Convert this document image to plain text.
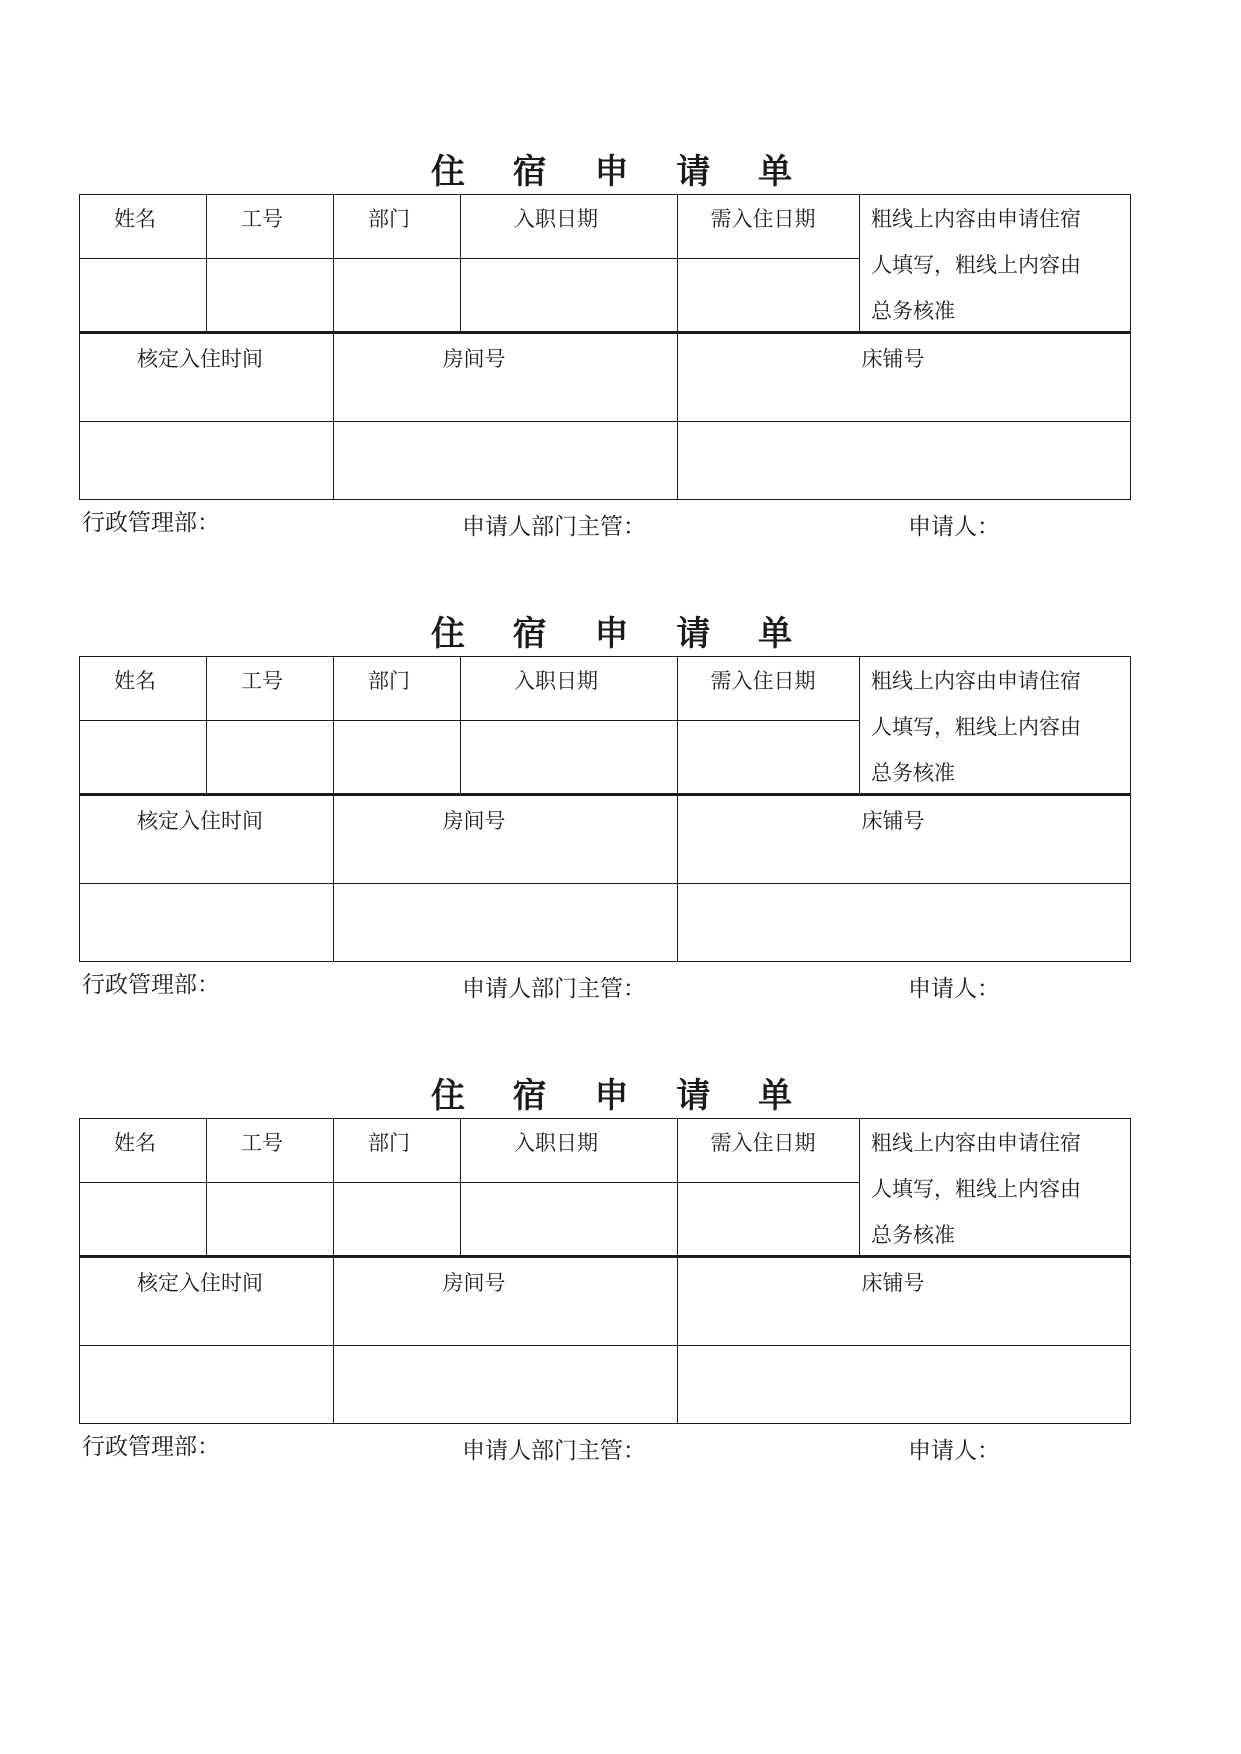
住 宿 申 请 单
姓名	工号	部门	入职日期	需入住日期	粗线上内容由申请住宿人填写，粗线上内容由总务核准
核定入住时间	房间号	床铺号
行政管理部：	申请人部门主管：	申请人：
住 宿 申 请 单
姓名	工号	部门	入职日期	需入住日期	粗线上内容由申请住宿人填写，粗线上内容由总务核准
核定入住时间	房间号	床铺号
行政管理部：	申请人部门主管：	申请人：
住 宿 申 请 单
姓名	工号	部门	入职日期	需入住日期	粗线上内容由申请住宿人填写，粗线上内容由总务核准
核定入住时间	房间号	床铺号
行政管理部：	申请人部门主管：	申请人：
